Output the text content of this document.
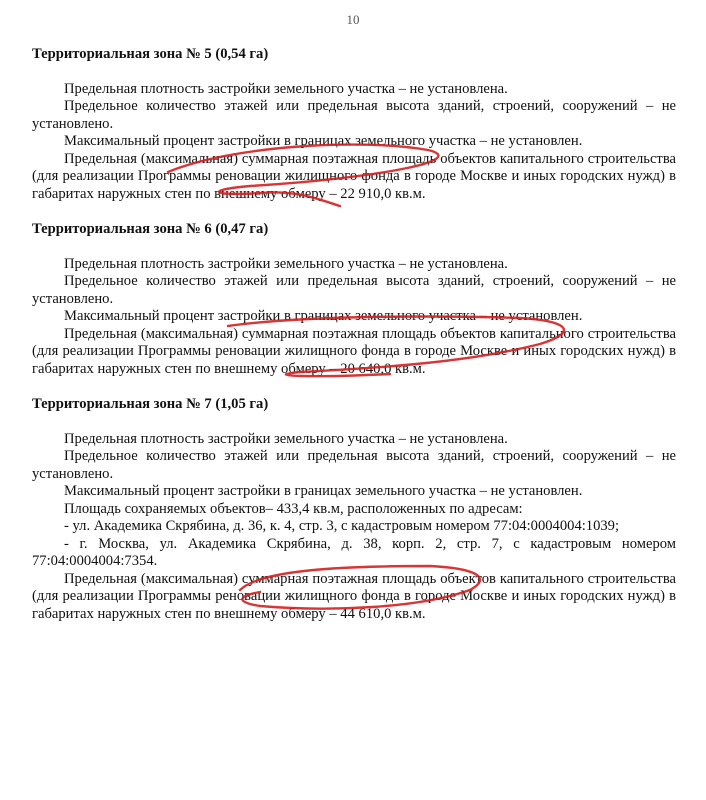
10

Территориальная зона № 5 (0,54 га)

Предельная плотность застройки земельного участка – не установлена.

Предельное количество этажей или предельная высота зданий, строений, сооружений – не установлено.

Максимальный процент застройки в границах земельного участка – не установлен.

Предельная (максимальная) суммарная поэтажная площадь объектов капитального строительства (для реализации Программы реновации жилищного фонда в городе Москве и иных городских нужд) в габаритах наружных стен по внешнему обмеру – 22 910,0 кв.м.

Территориальная зона № 6 (0,47 га)

Предельная плотность застройки земельного участка – не установлена.

Предельное количество этажей или предельная высота зданий, строений, сооружений – не установлено.

Максимальный процент застройки в границах земельного участка – не установлен.

Предельная (максимальная) суммарная поэтажная площадь объектов капитального строительства (для реализации Программы реновации жилищного фонда в городе Москве и иных городских нужд) в габаритах наружных стен по внешнему обмеру – 20 640,0 кв.м.

Территориальная зона № 7 (1,05 га)

Предельная плотность застройки земельного участка – не установлена.

Предельное количество этажей или предельная высота зданий, строений, сооружений – не установлено.

Максимальный процент застройки в границах земельного участка – не установлен.

Площадь сохраняемых объектов– 433,4 кв.м, расположенных по адресам:

- ул. Академика Скрябина, д. 36, к. 4, стр. 3, с кадастровым номером 77:04:0004004:1039;

- г. Москва, ул. Академика Скрябина, д. 38, корп. 2, стр. 7, с кадастровым номером 77:04:0004004:7354.

Предельная (максимальная) суммарная поэтажная площадь объектов капитального строительства (для реализации Программы реновации жилищного фонда в городе Москве и иных городских нужд) в габаритах наружных стен по внешнему обмеру – 44 610,0 кв.м.
